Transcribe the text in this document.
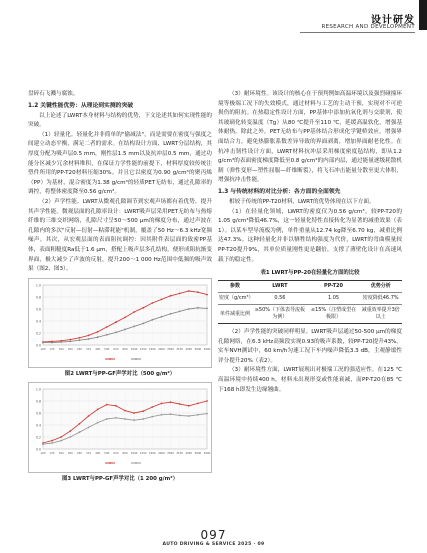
设计研发
RESEARCH AND DEVELOPMENT

盘碎石飞溅与腐蚀。

1.2 关键性能优势：从理论到实测的突破

以上论述了LWRT本身材料与结构的优势，下文论述其如何实现性能的突破。

（1）轻量化。轻量化并非简单的"偷减法"，而是需要在密度与强度之间建立动态平衡，满足二者的需求。在结构设计方面，LWRT分层结构，其厚度分配为吸声层0.5 mm，刚性层1.5 mm以及抗冲层0.5 mm，通过功能分区减少冗余材料堆积，在保证力学性能的前提下，材料厚度较传统注塑件所用的PP-T20材料压缩30%。并且它以密度为0.90 g/cm³的聚丙烯（PP）为基材，混合密度为1.38 g/cm³的轻质PET无纺布，通过孔隙率的调控，将整体密度降至0.56 g/cm³。

（2）声学性能。LWRT从微观孔隙调节到宏观声场都有着优势，提升其声学性能。微观层面的孔隙率设计：LWRT吸声层采用PET无纺布与热熔纤维的三维交织网络，孔隙尺寸呈50～500 μm的梯度分布，通过声波在孔隙内的多次"反射—衍射—粘滞耗能"机制，覆盖了50 Hz～6.3 kHz宽频噪声。其次，从宏观层面的表面阻抗调控：因其附件表层面的致密PP基体，表面粗糙度Ra低于1.6 μm，搭配上吸声层多孔结构，便形成阻抗渐变界面，极大减少了声波的反射，提升200～1 000 Hz范围中低频的吸声效果（图2、图3）。

0.0
0.2
0.4
0.6
0.8
1.0
100 125 160 200 250 315 400 500 630 800 1000 1250 1600 2000 2500 3150 4000 5000 6300
图2 LWRT与PP-GF声学对比（500 g/m²）
0.0
0.2
0.4
0.6
0.8
1.0
100 125 160 200 250 315 400 500 630 800 1000 1250 1600 2000 2500 3150 4000 5000 6300
图3 LWRT与PP-GF声学对比（1 200 g/m²）

（3）耐环境性。该设计的核心在于预判例如高温环境以及强烈碰撞环境等极端工况下的失效模式，通过材料与工艺的主动干预，实现对不可逆损伤的阻抗。在热稳定性设计方面，PP基体中添加抗氧化剂与交联剂，使其玻璃化转变温度（Tg）从80 ℃提升至110 ℃，延缓高温软化，增强基体耐热。除此之外，PET无纺布与PP基体结合形成化学键桥效应，增强界面结合力，避免热膨胀系数差异导致的界面剥离，增加界面耐老化性。在抗冲击韧性设计方面，LWRT材料抗冲层采用梯度密度毡结构，即从1.2 g/cm³的表面密度梯度降低至0.8 g/cm³的内部内层，通过能量逐级耗散机制（弹性变形—塑性屈服—纤维断裂），将飞石冲击能量分散至更大体积，增强抗冲击性能。

1.3 与传统材料的对比分析：各方面的全面领先

相较于传统的PP-T20材料，LWRT的优势体现在以下方面。

（1）在轻量化领域，LWRT的密度仅为0.56 g/cm³，较PP-T20的1.05 g/cm³降低46.7%，这一轻量化特性直接转化为显著的减重效果（表1）。以某车型导流板为例，单件重量从12.74 kg降至6.70 kg，减重比例达47.3%。这种轻量化并非以牺牲结构强度为代价，LWRT的弯曲模量较PP-T20提升9%，其单位质量刚性更是翻倍，支撑了薄壁化设计在高速风载下的稳定性。

表1 LWRT与PP-20在轻量化方面的比较
参数	LWRT	PP-T20	优势分析
密度（g/cm³）	0.56	1.05	密度降低46.7%
单件减重比例	≥50%（下体表导流板为例）	≤15%（注塑成型在极限）	减重效率提升3倍以上

（2）声学性能的突破同样明显。LWRT吸声层通过50-500 μm的梯度孔隙网络，在6.3 kHz高频段实现0.93的吸声系数，较PP-T20提升43%。实车NVH测试中，60 km/h匀速工况下车内噪声降低3.3 dB，主观静谧性评分提升20%（表2）。

（3）耐环境性方面，LWRT展现出对极端工况的强适应性。在125 ℃高温环境中持续400 h，材料未出现形变或性能衰减，而PP-T20在85 ℃下168 h即发生边缘翘曲。

097
AUTO DRIVING & SERVICE 2025 · 09
